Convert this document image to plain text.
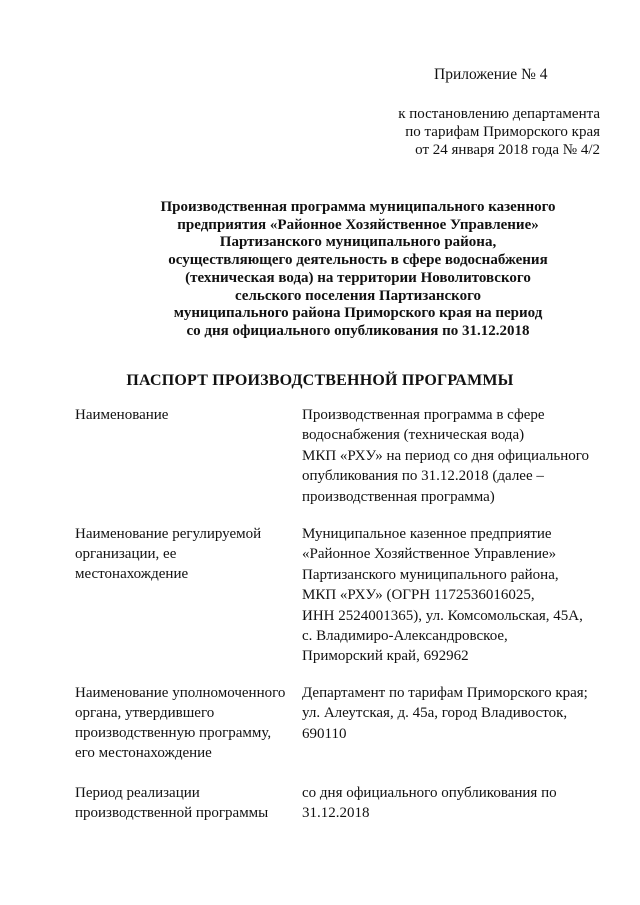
Приложение № 4
к постановлению департамента
по тарифам Приморского края
от 24 января 2018 года № 4/2
Производственная программа муниципального казенного
предприятия «Районное Хозяйственное Управление»
Партизанского муниципального района,
осуществляющего деятельность в сфере водоснабжения
(техническая вода) на территории Новолитовского
сельского поселения Партизанского
муниципального района Приморского края на период
со дня официального опубликования по 31.12.2018
ПАСПОРТ ПРОИЗВОДСТВЕННОЙ ПРОГРАММЫ
Наименование	Производственная программа в сфере
водоснабжения (техническая вода)
МКП «РХУ» на период со дня официального
опубликования по 31.12.2018 (далее –
производственная программа)
Наименование регулируемой
организации, ее
местонахождение
Муниципальное казенное предприятие
«Районное Хозяйственное Управление»
Партизанского муниципального района,
МКП «РХУ» (ОГРН 1172536016025,
ИНН 2524001365), ул. Комсомольская, 45А,
с. Владимиро-Александровское,
Приморский край, 692962
Наименование уполномоченного
органа, утвердившего
производственную программу,
его местонахождение
Департамент по тарифам Приморского края;
ул. Алеутская, д. 45а, город Владивосток,
690110
Период реализации
производственной программы
со дня официального опубликования по
31.12.2018
